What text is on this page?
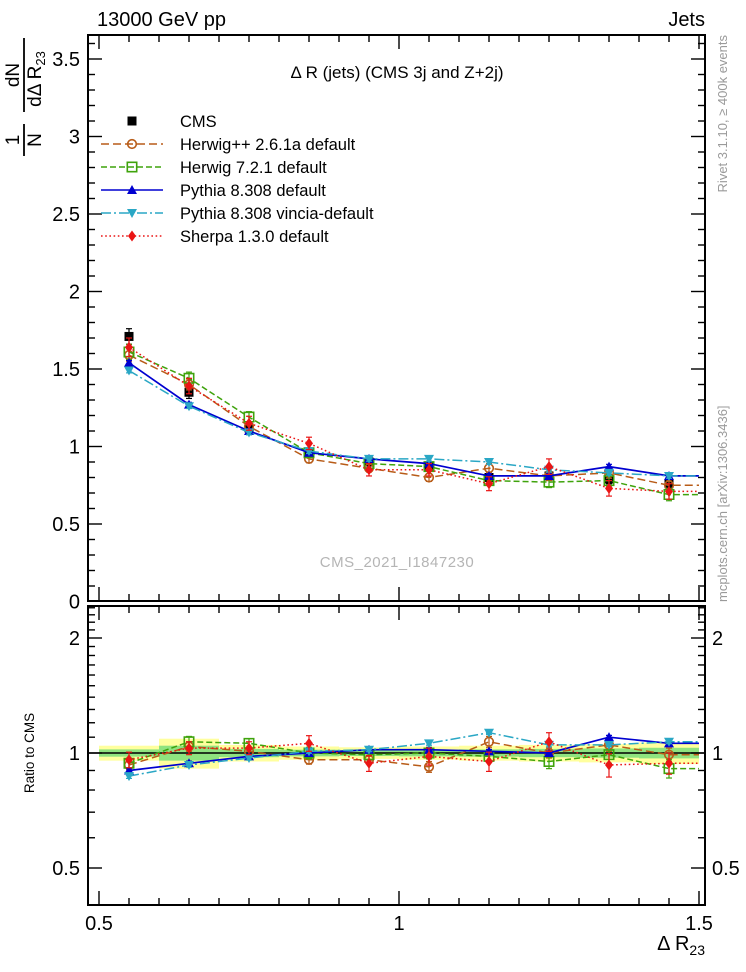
0
0.5
1
1.5
2
2.5
3
3.5
0.5	0.5
1	1
2	2
0.5	1	1.5
CMS
Herwig++ 2.6.1a default
Herwig 7.2.1 default
Pythia 8.308 default
Pythia 8.308 vincia-default
Sherpa 1.3.0 default
13000 GeV pp	Jets
Δ R (jets) (CMS 3j and Z+2j)
CMS_2021_I1847230
Rivet 3.1.10, ≥ 400k events
mcplots.cern.ch [arXiv:1306.3436]
Ratio to CMS
1 N
dN dΔ $R_{23}$
Δ $R_{23}$
